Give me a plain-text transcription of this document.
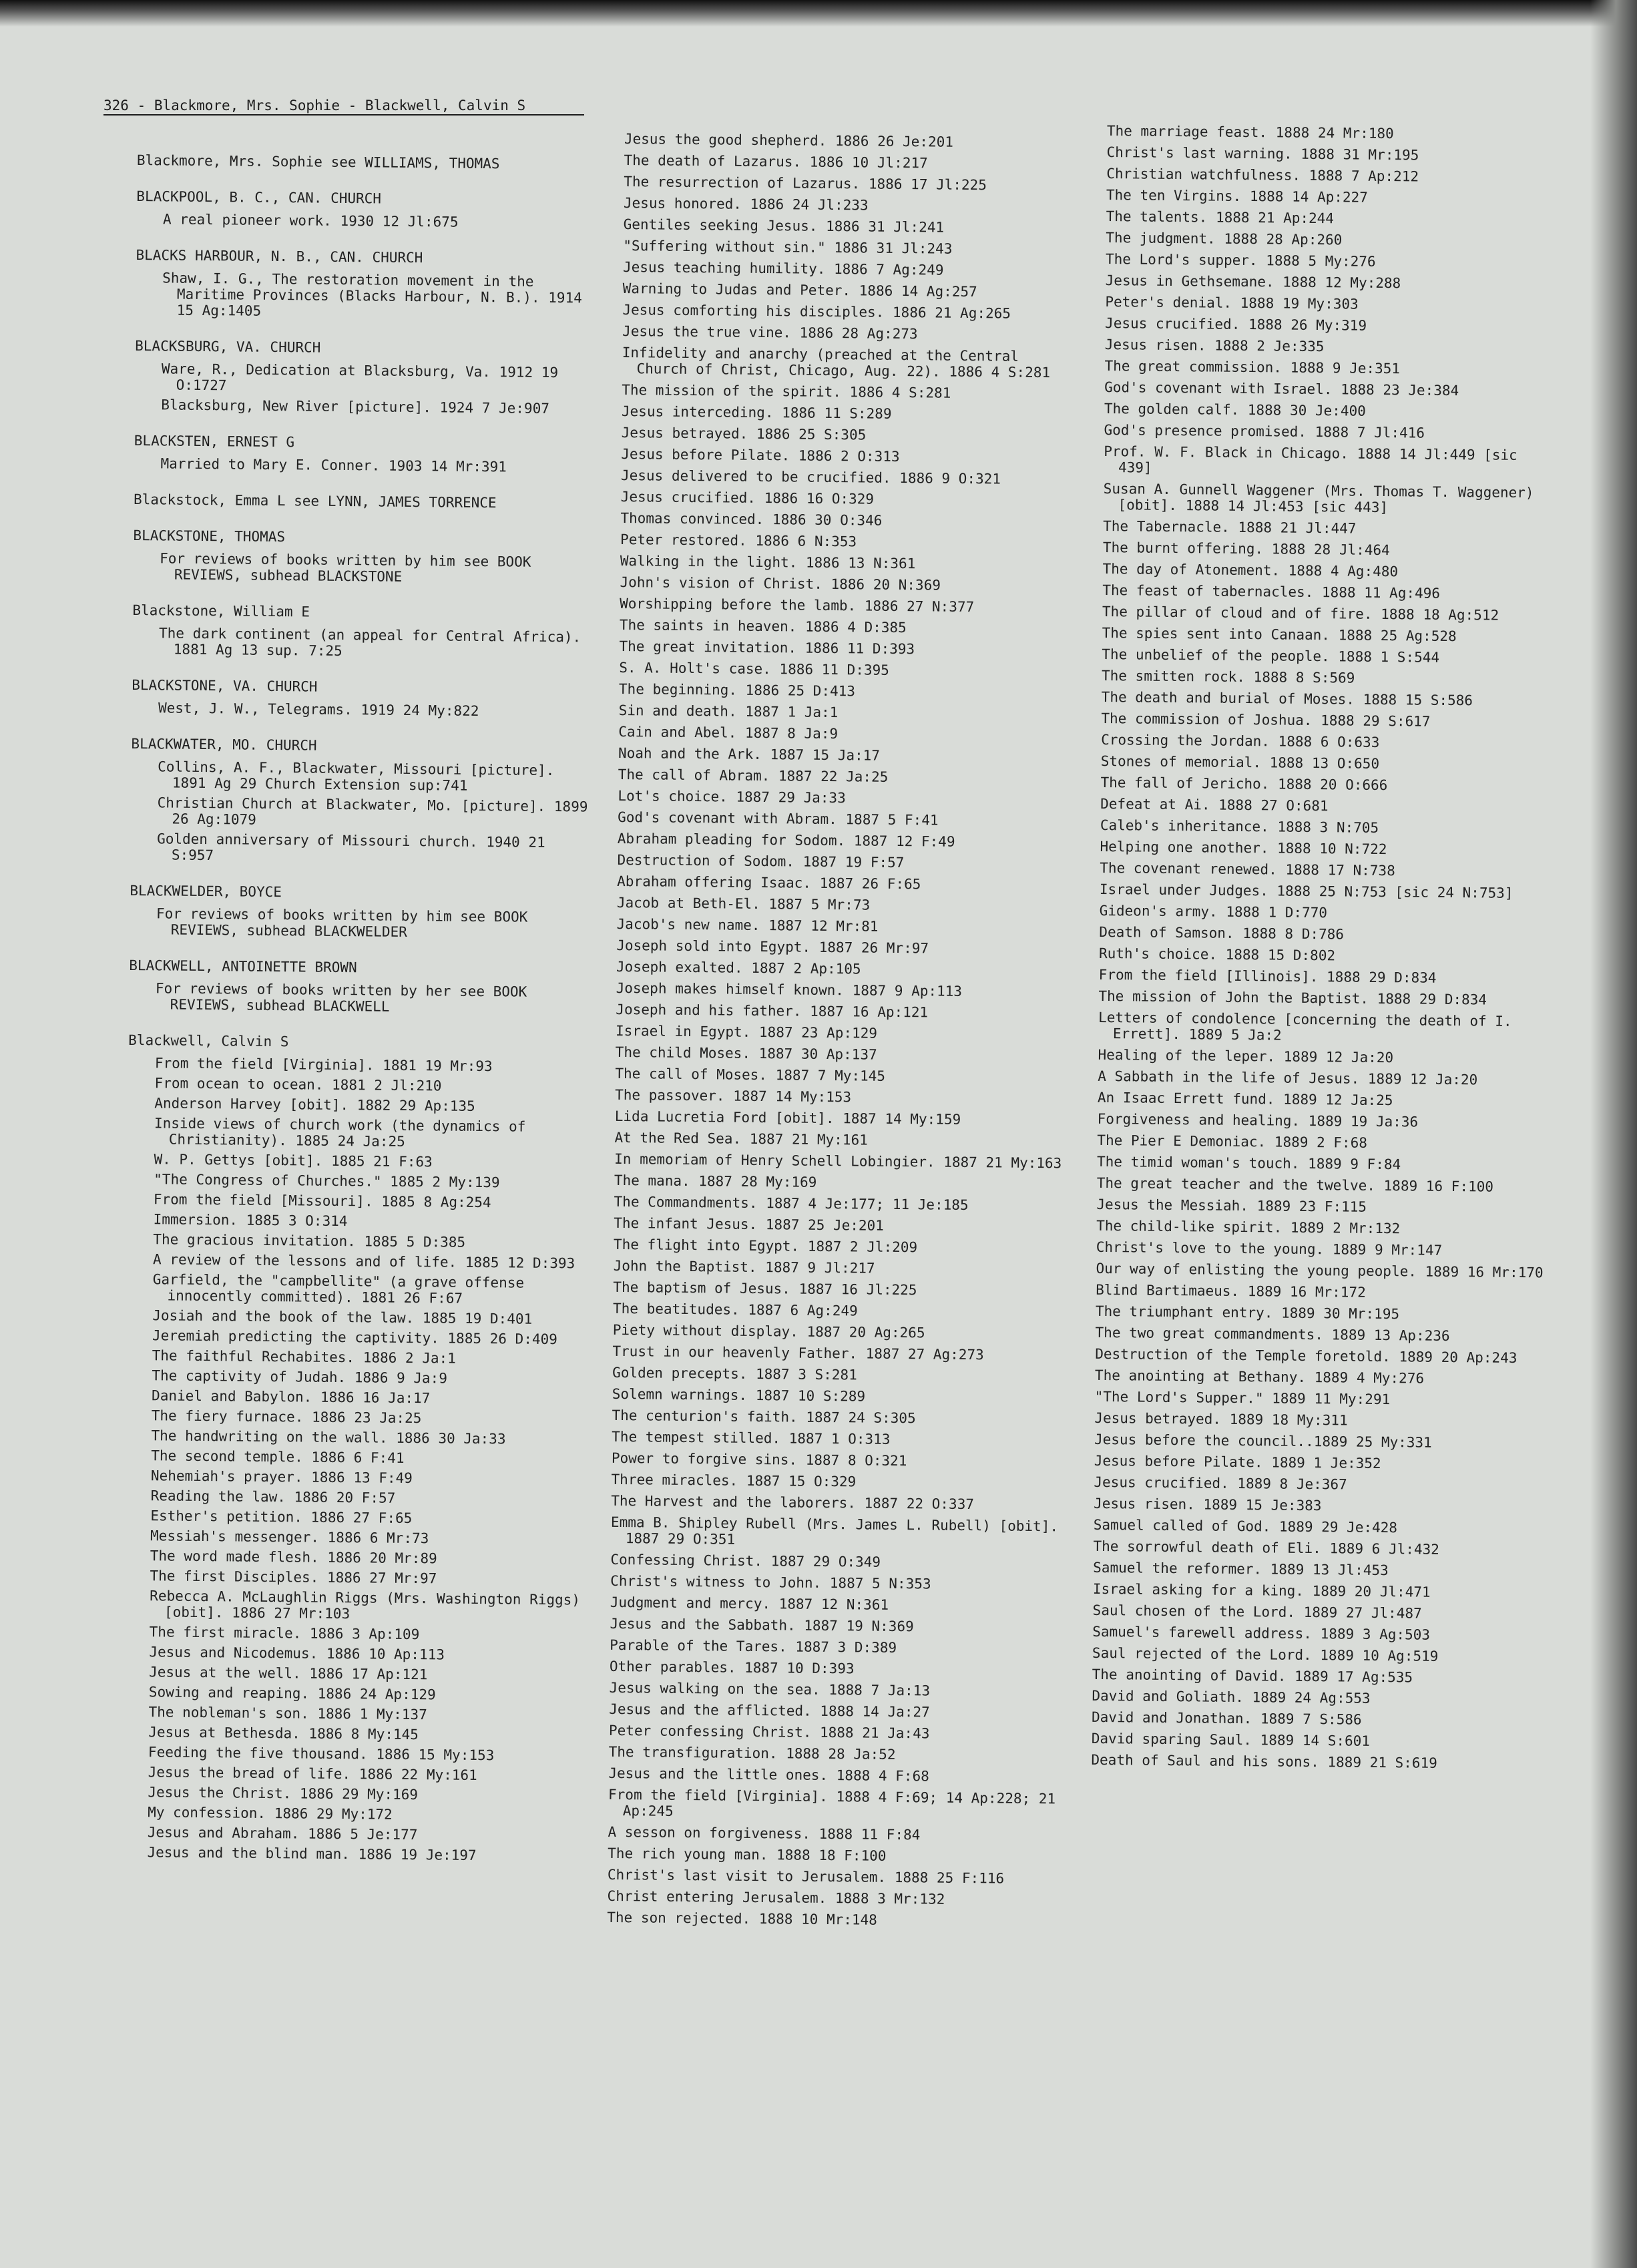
326 - Blackmore, Mrs. Sophie - Blackwell, Calvin S
Blackmore, Mrs. Sophie see WILLIAMS, THOMAS
BLACKPOOL, B. C., CAN. CHURCH
A real pioneer work. 1930 12 Jl:675
BLACKS HARBOUR, N. B., CAN. CHURCH
Shaw, I. G., The restoration movement in the Maritime Provinces (Blacks Harbour, N. B.). 1914 15 Ag:1405
BLACKSBURG, VA. CHURCH
Ware, R., Dedication at Blacksburg, Va. 1912 19 O:1727
Blacksburg, New River [picture]. 1924 7 Je:907
BLACKSTEN, ERNEST G
Married to Mary E. Conner. 1903 14 Mr:391
Blackstock, Emma L see LYNN, JAMES TORRENCE
BLACKSTONE, THOMAS
For reviews of books written by him see BOOK REVIEWS, subhead BLACKSTONE
Blackstone, William E
The dark continent (an appeal for Central Africa). 1881 Ag 13 sup. 7:25
BLACKSTONE, VA. CHURCH
West, J. W., Telegrams. 1919 24 My:822
BLACKWATER, MO. CHURCH
Collins, A. F., Blackwater, Missouri [picture]. 1891 Ag 29 Church Extension sup:741
Christian Church at Blackwater, Mo. [picture]. 1899 26 Ag:1079
Golden anniversary of Missouri church. 1940 21 S:957
BLACKWELDER, BOYCE
For reviews of books written by him see BOOK REVIEWS, subhead BLACKWELDER
BLACKWELL, ANTOINETTE BROWN
For reviews of books written by her see BOOK REVIEWS, subhead BLACKWELL
Blackwell, Calvin S
From the field [Virginia]. 1881 19 Mr:93
From ocean to ocean. 1881 2 Jl:210
Anderson Harvey [obit]. 1882 29 Ap:135
Inside views of church work (the dynamics of Christianity). 1885 24 Ja:25
W. P. Gettys [obit]. 1885 21 F:63
"The Congress of Churches." 1885 2 My:139
From the field [Missouri]. 1885 8 Ag:254
Immersion. 1885 3 O:314
The gracious invitation. 1885 5 D:385
A review of the lessons and of life. 1885 12 D:393
Garfield, the "campbellite" (a grave offense innocently committed). 1881 26 F:67
Josiah and the book of the law. 1885 19 D:401
Jeremiah predicting the captivity. 1885 26 D:409
The faithful Rechabites. 1886 2 Ja:1
The captivity of Judah. 1886 9 Ja:9
Daniel and Babylon. 1886 16 Ja:17
The fiery furnace. 1886 23 Ja:25
The handwriting on the wall. 1886 30 Ja:33
The second temple. 1886 6 F:41
Nehemiah's prayer. 1886 13 F:49
Reading the law. 1886 20 F:57
Esther's petition. 1886 27 F:65
Messiah's messenger. 1886 6 Mr:73
The word made flesh. 1886 20 Mr:89
The first Disciples. 1886 27 Mr:97
Rebecca A. McLaughlin Riggs (Mrs. Washington Riggs) [obit]. 1886 27 Mr:103
The first miracle. 1886 3 Ap:109
Jesus and Nicodemus. 1886 10 Ap:113
Jesus at the well. 1886 17 Ap:121
Sowing and reaping. 1886 24 Ap:129
The nobleman's son. 1886 1 My:137
Jesus at Bethesda. 1886 8 My:145
Feeding the five thousand. 1886 15 My:153
Jesus the bread of life. 1886 22 My:161
Jesus the Christ. 1886 29 My:169
My confession. 1886 29 My:172
Jesus and Abraham. 1886 5 Je:177
Jesus and the blind man. 1886 19 Je:197
Jesus the good shepherd. 1886 26 Je:201
The death of Lazarus. 1886 10 Jl:217
The resurrection of Lazarus. 1886 17 Jl:225
Jesus honored. 1886 24 Jl:233
Gentiles seeking Jesus. 1886 31 Jl:241
"Suffering without sin." 1886 31 Jl:243
Jesus teaching humility. 1886 7 Ag:249
Warning to Judas and Peter. 1886 14 Ag:257
Jesus comforting his disciples. 1886 21 Ag:265
Jesus the true vine. 1886 28 Ag:273
Infidelity and anarchy (preached at the Central Church of Christ, Chicago, Aug. 22). 1886 4 S:281
The mission of the spirit. 1886 4 S:281
Jesus interceding. 1886 11 S:289
Jesus betrayed. 1886 25 S:305
Jesus before Pilate. 1886 2 O:313
Jesus delivered to be crucified. 1886 9 O:321
Jesus crucified. 1886 16 O:329
Thomas convinced. 1886 30 O:346
Peter restored. 1886 6 N:353
Walking in the light. 1886 13 N:361
John's vision of Christ. 1886 20 N:369
Worshipping before the lamb. 1886 27 N:377
The saints in heaven. 1886 4 D:385
The great invitation. 1886 11 D:393
S. A. Holt's case. 1886 11 D:395
The beginning. 1886 25 D:413
Sin and death. 1887 1 Ja:1
Cain and Abel. 1887 8 Ja:9
Noah and the Ark. 1887 15 Ja:17
The call of Abram. 1887 22 Ja:25
Lot's choice. 1887 29 Ja:33
God's covenant with Abram. 1887 5 F:41
Abraham pleading for Sodom. 1887 12 F:49
Destruction of Sodom. 1887 19 F:57
Abraham offering Isaac. 1887 26 F:65
Jacob at Beth-El. 1887 5 Mr:73
Jacob's new name. 1887 12 Mr:81
Joseph sold into Egypt. 1887 26 Mr:97
Joseph exalted. 1887 2 Ap:105
Joseph makes himself known. 1887 9 Ap:113
Joseph and his father. 1887 16 Ap:121
Israel in Egypt. 1887 23 Ap:129
The child Moses. 1887 30 Ap:137
The call of Moses. 1887 7 My:145
The passover. 1887 14 My:153
Lida Lucretia Ford [obit]. 1887 14 My:159
At the Red Sea. 1887 21 My:161
In memoriam of Henry Schell Lobingier. 1887 21 My:163
The mana. 1887 28 My:169
The Commandments. 1887 4 Je:177; 11 Je:185
The infant Jesus. 1887 25 Je:201
The flight into Egypt. 1887 2 Jl:209
John the Baptist. 1887 9 Jl:217
The baptism of Jesus. 1887 16 Jl:225
The beatitudes. 1887 6 Ag:249
Piety without display. 1887 20 Ag:265
Trust in our heavenly Father. 1887 27 Ag:273
Golden precepts. 1887 3 S:281
Solemn warnings. 1887 10 S:289
The centurion's faith. 1887 24 S:305
The tempest stilled. 1887 1 O:313
Power to forgive sins. 1887 8 O:321
Three miracles. 1887 15 O:329
The Harvest and the laborers. 1887 22 O:337
Emma B. Shipley Rubell (Mrs. James L. Rubell) [obit]. 1887 29 O:351
Confessing Christ. 1887 29 O:349
Christ's witness to John. 1887 5 N:353
Judgment and mercy. 1887 12 N:361
Jesus and the Sabbath. 1887 19 N:369
Parable of the Tares. 1887 3 D:389
Other parables. 1887 10 D:393
Jesus walking on the sea. 1888 7 Ja:13
Jesus and the afflicted. 1888 14 Ja:27
Peter confessing Christ. 1888 21 Ja:43
The transfiguration. 1888 28 Ja:52
Jesus and the little ones. 1888 4 F:68
From the field [Virginia]. 1888 4 F:69; 14 Ap:228; 21 Ap:245
A sesson on forgiveness. 1888 11 F:84
The rich young man. 1888 18 F:100
Christ's last visit to Jerusalem. 1888 25 F:116
Christ entering Jerusalem. 1888 3 Mr:132
The son rejected. 1888 10 Mr:148
The marriage feast. 1888 24 Mr:180
Christ's last warning. 1888 31 Mr:195
Christian watchfulness. 1888 7 Ap:212
The ten Virgins. 1888 14 Ap:227
The talents. 1888 21 Ap:244
The judgment. 1888 28 Ap:260
The Lord's supper. 1888 5 My:276
Jesus in Gethsemane. 1888 12 My:288
Peter's denial. 1888 19 My:303
Jesus crucified. 1888 26 My:319
Jesus risen. 1888 2 Je:335
The great commission. 1888 9 Je:351
God's covenant with Israel. 1888 23 Je:384
The golden calf. 1888 30 Je:400
God's presence promised. 1888 7 Jl:416
Prof. W. F. Black in Chicago. 1888 14 Jl:449 [sic 439]
Susan A. Gunnell Waggener (Mrs. Thomas T. Waggener) [obit]. 1888 14 Jl:453 [sic 443]
The Tabernacle. 1888 21 Jl:447
The burnt offering. 1888 28 Jl:464
The day of Atonement. 1888 4 Ag:480
The feast of tabernacles. 1888 11 Ag:496
The pillar of cloud and of fire. 1888 18 Ag:512
The spies sent into Canaan. 1888 25 Ag:528
The unbelief of the people. 1888 1 S:544
The smitten rock. 1888 8 S:569
The death and burial of Moses. 1888 15 S:586
The commission of Joshua. 1888 29 S:617
Crossing the Jordan. 1888 6 O:633
Stones of memorial. 1888 13 O:650
The fall of Jericho. 1888 20 O:666
Defeat at Ai. 1888 27 O:681
Caleb's inheritance. 1888 3 N:705
Helping one another. 1888 10 N:722
The covenant renewed. 1888 17 N:738
Israel under Judges. 1888 25 N:753 [sic 24 N:753]
Gideon's army. 1888 1 D:770
Death of Samson. 1888 8 D:786
Ruth's choice. 1888 15 D:802
From the field [Illinois]. 1888 29 D:834
The mission of John the Baptist. 1888 29 D:834
Letters of condolence [concerning the death of I. Errett]. 1889 5 Ja:2
Healing of the leper. 1889 12 Ja:20
A Sabbath in the life of Jesus. 1889 12 Ja:20
An Isaac Errett fund. 1889 12 Ja:25
Forgiveness and healing. 1889 19 Ja:36
The Pier E Demoniac. 1889 2 F:68
The timid woman's touch. 1889 9 F:84
The great teacher and the twelve. 1889 16 F:100
Jesus the Messiah. 1889 23 F:115
The child-like spirit. 1889 2 Mr:132
Christ's love to the young. 1889 9 Mr:147
Our way of enlisting the young people. 1889 16 Mr:170
Blind Bartimaeus. 1889 16 Mr:172
The triumphant entry. 1889 30 Mr:195
The two great commandments. 1889 13 Ap:236
Destruction of the Temple foretold. 1889 20 Ap:243
The anointing at Bethany. 1889 4 My:276
"The Lord's Supper." 1889 11 My:291
Jesus betrayed. 1889 18 My:311
Jesus before the council..1889 25 My:331
Jesus before Pilate. 1889 1 Je:352
Jesus crucified. 1889 8 Je:367
Jesus risen. 1889 15 Je:383
Samuel called of God. 1889 29 Je:428
The sorrowful death of Eli. 1889 6 Jl:432
Samuel the reformer. 1889 13 Jl:453
Israel asking for a king. 1889 20 Jl:471
Saul chosen of the Lord. 1889 27 Jl:487
Samuel's farewell address. 1889 3 Ag:503
Saul rejected of the Lord. 1889 10 Ag:519
The anointing of David. 1889 17 Ag:535
David and Goliath. 1889 24 Ag:553
David and Jonathan. 1889 7 S:586
David sparing Saul. 1889 14 S:601
Death of Saul and his sons. 1889 21 S:619
